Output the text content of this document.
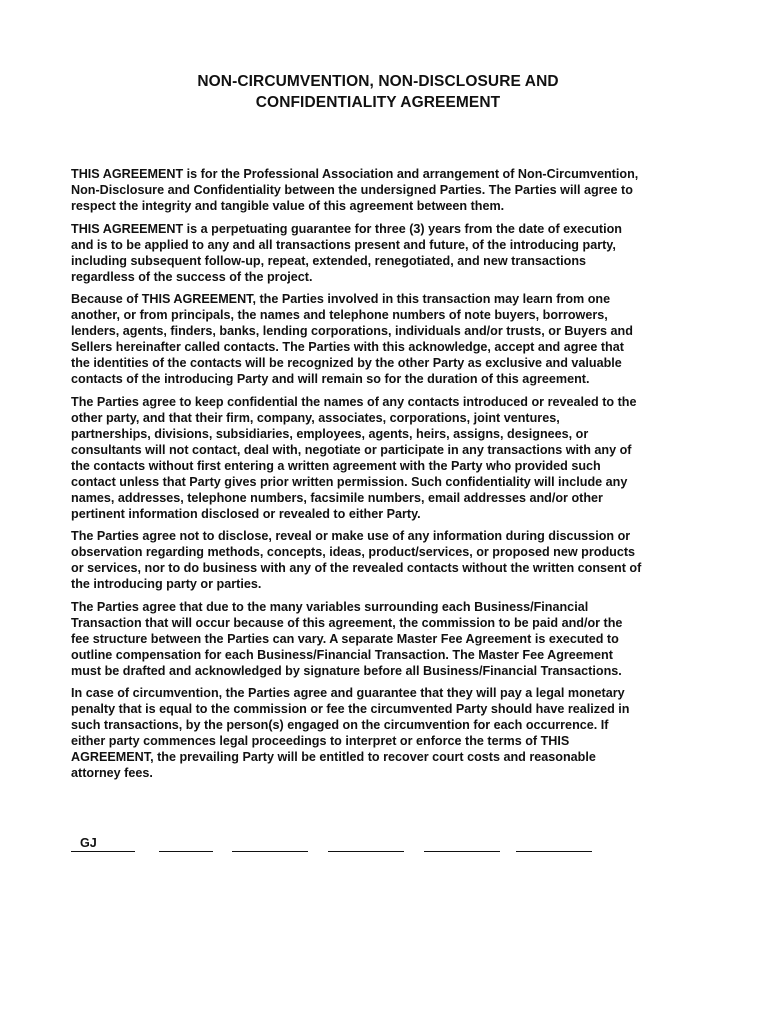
NON-CIRCUMVENTION, NON-DISCLOSURE AND
CONFIDENTIALITY AGREEMENT

THIS AGREEMENT is for the Professional Association and arrangement of Non-Circumvention,
Non-Disclosure and Confidentiality between the undersigned Parties. The Parties will agree to
respect the integrity and tangible value of this agreement between them.

THIS AGREEMENT is a perpetuating guarantee for three (3) years from the date of execution
and is to be applied to any and all transactions present and future, of the introducing party,
including subsequent follow-up, repeat, extended, renegotiated, and new transactions
regardless of the success of the project.

Because of THIS AGREEMENT, the Parties involved in this transaction may learn from one
another, or from principals, the names and telephone numbers of note buyers, borrowers,
lenders, agents, finders, banks, lending corporations, individuals and/or trusts, or Buyers and
Sellers hereinafter called contacts. The Parties with this acknowledge, accept and agree that
the identities of the contacts will be recognized by the other Party as exclusive and valuable
contacts of the introducing Party and will remain so for the duration of this agreement.

The Parties agree to keep confidential the names of any contacts introduced or revealed to the
other party, and that their firm, company, associates, corporations, joint ventures,
partnerships, divisions, subsidiaries, employees, agents, heirs, assigns, designees, or
consultants will not contact, deal with, negotiate or participate in any transactions with any of
the contacts without first entering a written agreement with the Party who provided such
contact unless that Party gives prior written permission. Such confidentiality will include any
names, addresses, telephone numbers, facsimile numbers, email addresses and/or other
pertinent information disclosed or revealed to either Party.

The Parties agree not to disclose, reveal or make use of any information during discussion or
observation regarding methods, concepts, ideas, product/services, or proposed new products
or services, nor to do business with any of the revealed contacts without the written consent of
the introducing party or parties.

The Parties agree that due to the many variables surrounding each Business/Financial
Transaction that will occur because of this agreement, the commission to be paid and/or the
fee structure between the Parties can vary. A separate Master Fee Agreement is executed to
outline compensation for each Business/Financial Transaction. The Master Fee Agreement
must be drafted and acknowledged by signature before all Business/Financial Transactions.

In case of circumvention, the Parties agree and guarantee that they will pay a legal monetary
penalty that is equal to the commission or fee the circumvented Party should have realized in
such transactions, by the person(s) engaged on the circumvention for each occurrence. If
either party commences legal proceedings to interpret or enforce the terms of THIS
AGREEMENT, the prevailing Party will be entitled to recover court costs and reasonable
attorney fees.

GJ
